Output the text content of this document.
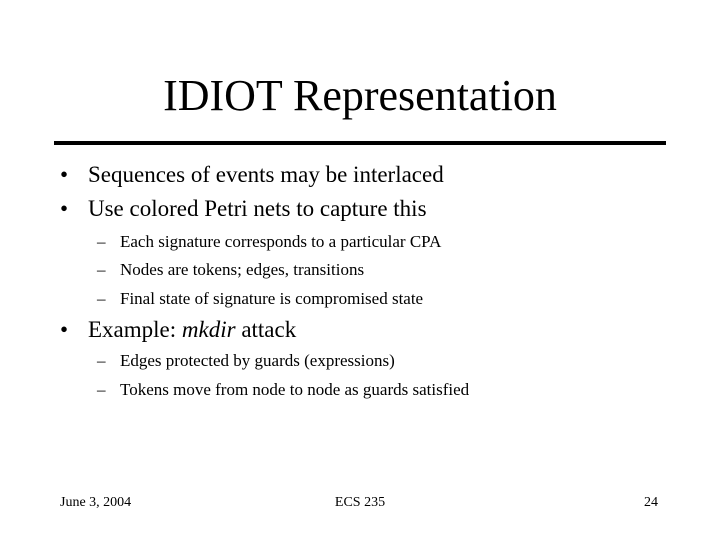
IDIOT Representation
• Sequences of events may be interlaced
• Use colored Petri nets to capture this
– Each signature corresponds to a particular CPA
– Nodes are tokens; edges, transitions
– Final state of signature is compromised state
• Example: mkdir attack
– Edges protected by guards (expressions)
– Tokens move from node to node as guards satisfied
June 3, 2004	ECS 235	24
